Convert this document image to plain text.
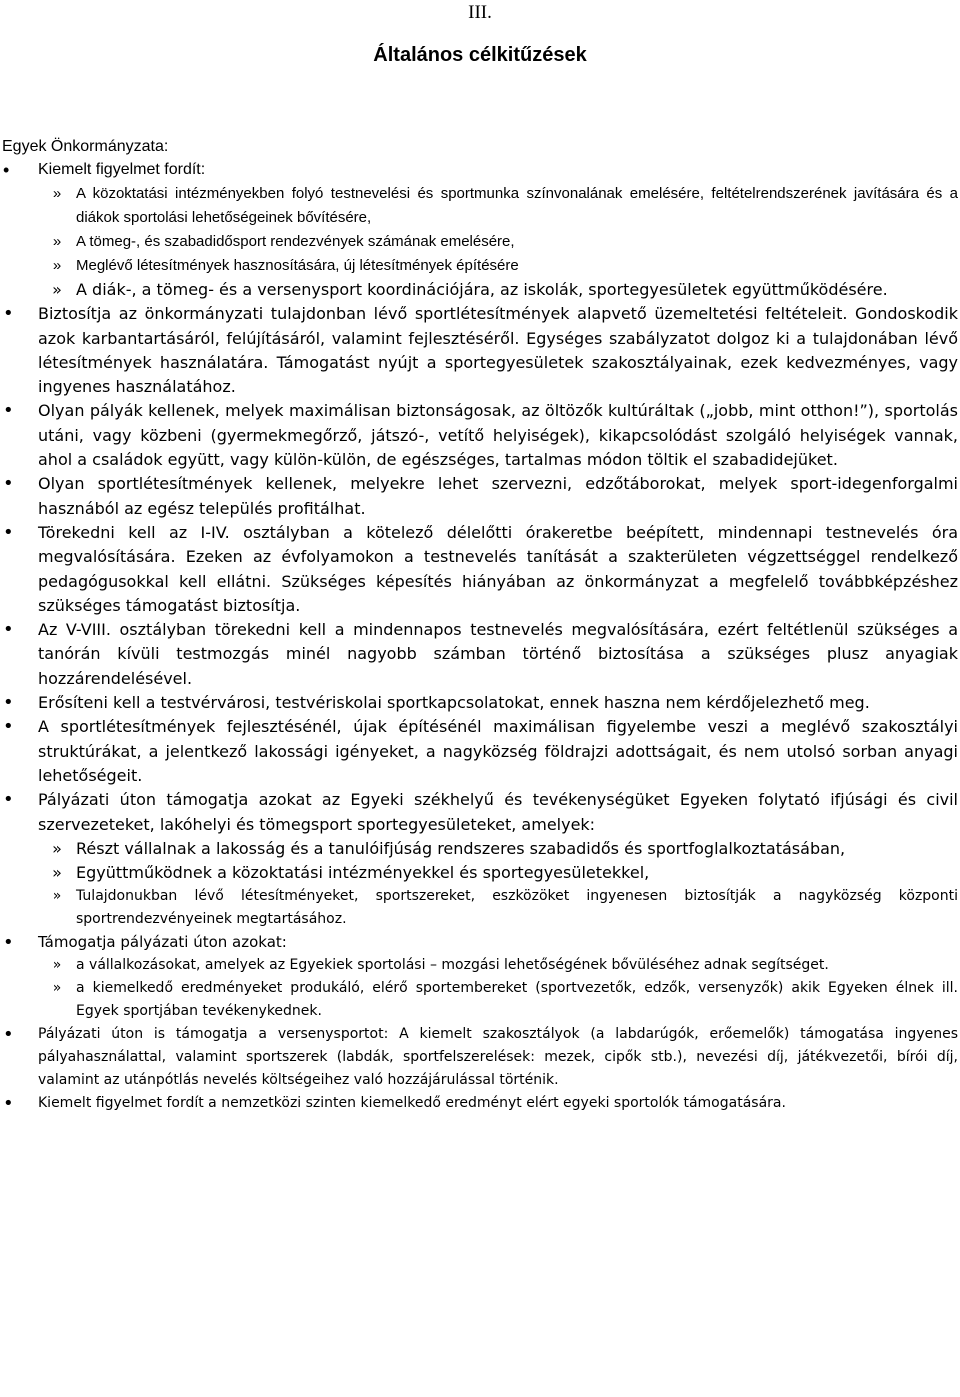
III.
Általános célkitűzések

Egyek Önkormányzata:

• Kiemelt figyelmet fordít:
» A közoktatási intézményekben folyó testnevelési és sportmunka színvonalának emelésére, feltételrendszerének javítására és a diákok sportolási lehetőségeinek bővítésére,
» A tömeg-, és szabadidősport rendezvények számának emelésére,
» Meglévő létesítmények hasznosítására, új létesítmények építésére
» A diák-, a tömeg- és a versenysport koordinációjára, az iskolák, sportegyesületek együttműködésére.
• Biztosítja az önkormányzati tulajdonban lévő sportlétesítmények alapvető üzemeltetési feltételeit. Gondoskodik azok karbantartásáról, felújításáról, valamint fejlesztéséről. Egységes szabályzatot dolgoz ki a tulajdonában lévő létesítmények használatára. Támogatást nyújt a sportegyesületek szakosztályainak, ezek kedvezményes, vagy ingyenes használatához.
• Olyan pályák kellenek, melyek maximálisan biztonságosak, az öltözők kultúráltak („jobb, mint otthon!”), sportolás utáni, vagy közbeni (gyermekmegőrző, játszó-, vetítő helyiségek), kikapcsolódást szolgáló helyiségek vannak, ahol a családok együtt, vagy külön-külön, de egészséges, tartalmas módon töltik el szabadidejüket.
• Olyan sportlétesítmények kellenek, melyekre lehet szervezni, edzőtáborokat, melyek sport-idegenforgalmi hasznából az egész település profitálhat.
• Törekedni kell az I-IV. osztályban a kötelező délelőtti órakeretbe beépített, mindennapi testnevelés óra megvalósítására. Ezeken az évfolyamokon a testnevelés tanítását a szakterületen végzettséggel rendelkező pedagógusokkal kell ellátni. Szükséges képesítés hiányában az önkormányzat a megfelelő továbbképzéshez szükséges támogatást biztosítja.
• Az V-VIII. osztályban törekedni kell a mindennapos testnevelés megvalósítására, ezért feltétlenül szükséges a tanórán kívüli testmozgás minél nagyobb számban történő biztosítása a szükséges plusz anyagiak hozzárendelésével.
• Erősíteni kell a testvérvárosi, testvériskolai sportkapcsolatokat, ennek haszna nem kérdőjelezhető meg.
• A sportlétesítmények fejlesztésénél, újak építésénél maximálisan figyelembe veszi a meglévő szakosztályi struktúrákat, a jelentkező lakossági igényeket, a nagyközség földrajzi adottságait, és nem utolsó sorban anyagi lehetőségeit.
• Pályázati úton támogatja azokat az Egyeki székhelyű és tevékenységüket Egyeken folytató ifjúsági és civil szervezeteket, lakóhelyi és tömegsport sportegyesületeket, amelyek:
» Részt vállalnak a lakosság és a tanulóifjúság rendszeres szabadidős és sportfoglalkoztatásában,
» Együttműködnek a közoktatási intézményekkel és sportegyesületekkel,
» Tulajdonukban lévő létesítményeket, sportszereket, eszközöket ingyenesen biztosítják a nagyközség központi sportrendezvényeinek megtartásához.
• Támogatja pályázati úton azokat:
» a vállalkozásokat, amelyek az Egyekiek sportolási – mozgási lehetőségének bővüléséhez adnak segítséget.
» a kiemelkedő eredményeket produkáló, elérő sportembereket (sportvezetők, edzők, versenyzők) akik Egyeken élnek ill. Egyek sportjában tevékenykednek.
• Pályázati úton is támogatja a versenysportot: A kiemelt szakosztályok (a labdarúgók, erőemelők) támogatása ingyenes pályahasználattal, valamint sportszerek (labdák, sportfelszerelések: mezek, cipők stb.), nevezési díj, játékvezetői, bírói díj, valamint az utánpótlás nevelés költségeihez való hozzájárulással történik.
• Kiemelt figyelmet fordít a nemzetközi szinten kiemelkedő eredményt elért egyeki sportolók támogatására.
